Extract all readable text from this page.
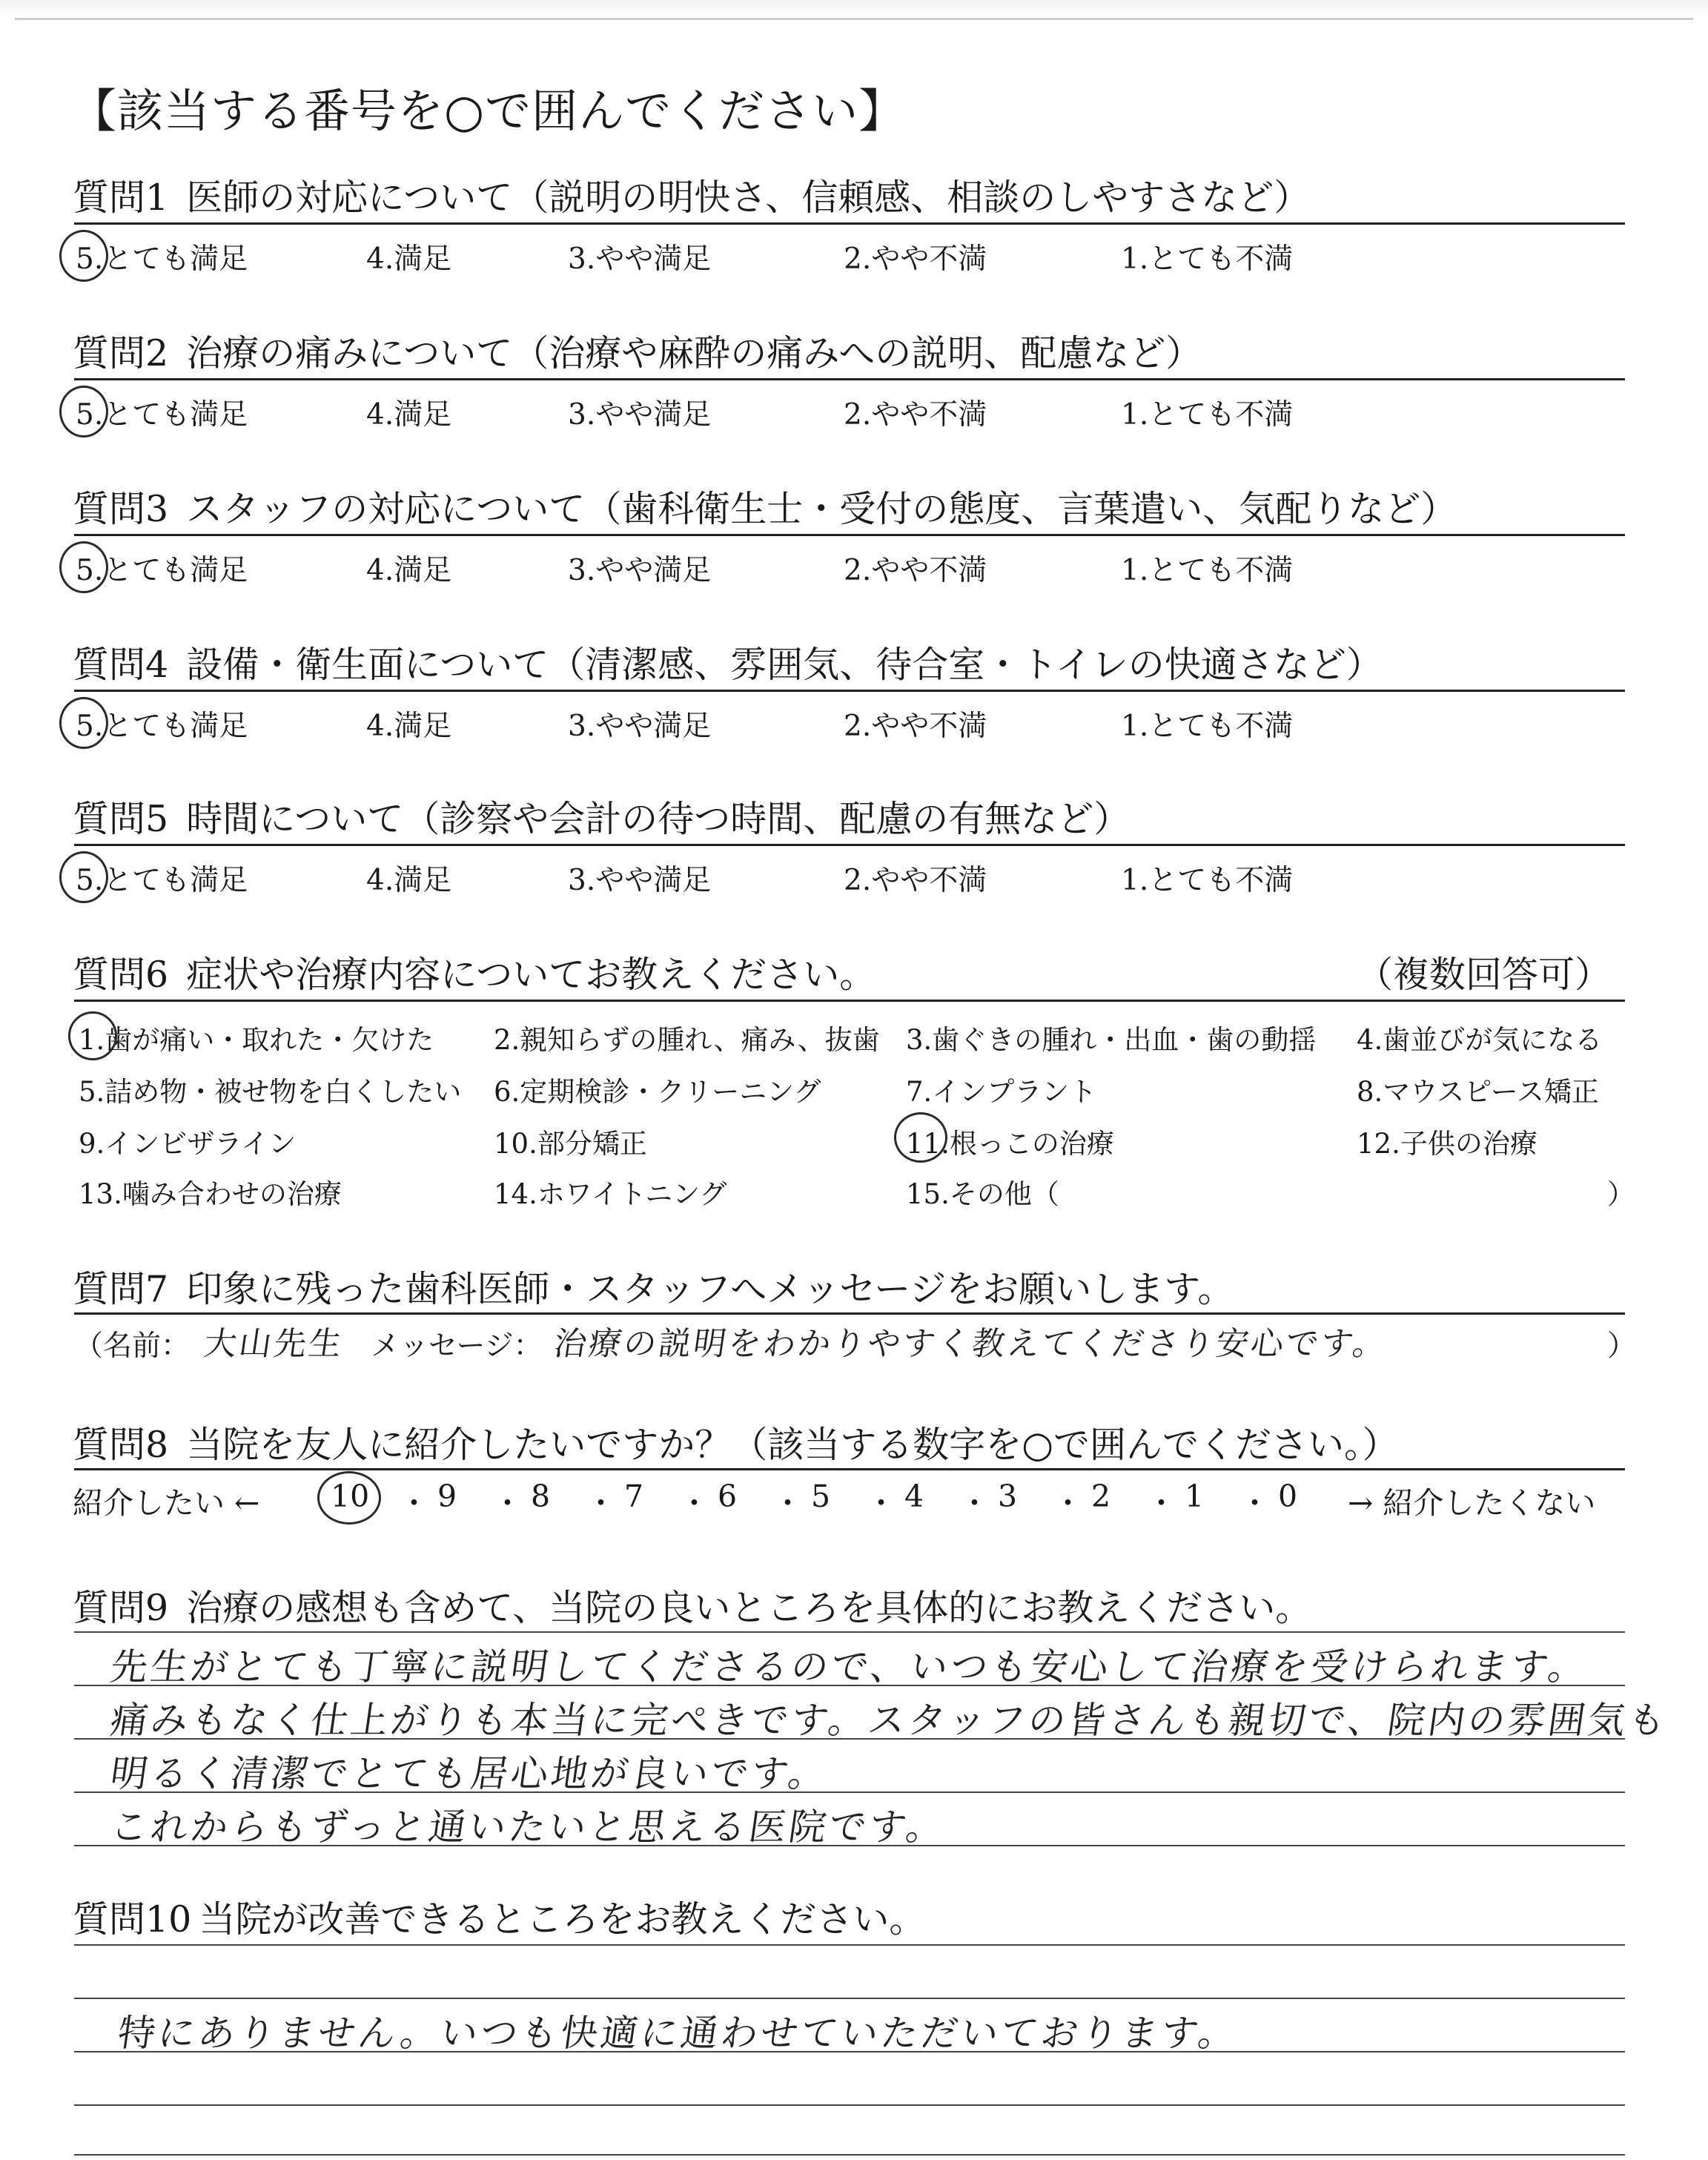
【該当する番号を○で囲んでください】
質問1 医師の対応について（説明の明快さ、信頼感、相談のしやすさなど）
5.とても満足	4.満足	3.やや満足	2.やや不満	1.とても不満
質問2 治療の痛みについて（治療や麻酔の痛みへの説明、配慮など）
5.とても満足	4.満足	3.やや満足	2.やや不満	1.とても不満
質問3 スタッフの対応について（歯科衛生士・受付の態度、言葉遣い、気配りなど）
5.とても満足	4.満足	3.やや満足	2.やや不満	1.とても不満
質問4 設備・衛生面について（清潔感、雰囲気、待合室・トイレの快適さなど）
5.とても満足	4.満足	3.やや満足	2.やや不満	1.とても不満
質問5 時間について（診察や会計の待つ時間、配慮の有無など）
5.とても満足	4.満足	3.やや満足	2.やや不満	1.とても不満
質問6 症状や治療内容についてお教えください。	（複数回答可）
1.歯が痛い・取れた・欠けた 2.親知らずの腫れ、痛み、抜歯 3.歯ぐきの腫れ・出血・歯の動揺 4.歯並びが気になる
5.詰め物・被せ物を白くしたい 6.定期検診・クリーニング	7.インプラント	8.マウスピース矯正
9.インビザライン	10.部分矯正	11.根っこの治療	12.子供の治療
13.噛み合わせの治療	14.ホワイトニング	15.その他（	）
質問7 印象に残った歯科医師・スタッフへメッセージをお願いします。
（名前： 大山先生 メッセージ： 治療の説明をわかりやすく教えてくださり安心です。	）
質問8 当院を友人に紹介したいですか？（該当する数字を○で囲んでください。）
紹介したい ←	→ 紹介したくない
10 ・ 9 ・ 8 ・ 7 ・ 6 ・ 5 ・ 4 ・ 3 ・ 2 ・ 1 ・ 0
質問9 治療の感想も含めて、当院の良いところを具体的にお教えください。
先生がとても丁寧に説明してくださるので、いつも安心して治療を受けられます。
痛みもなく仕上がりも本当に完ぺきです。スタッフの皆さんも親切で、院内の雰囲気も
明るく清潔でとても居心地が良いです。
これからもずっと通いたいと思える医院です。
質問10 当院が改善できるところをお教えください。
特にありません。いつも快適に通わせていただいております。
